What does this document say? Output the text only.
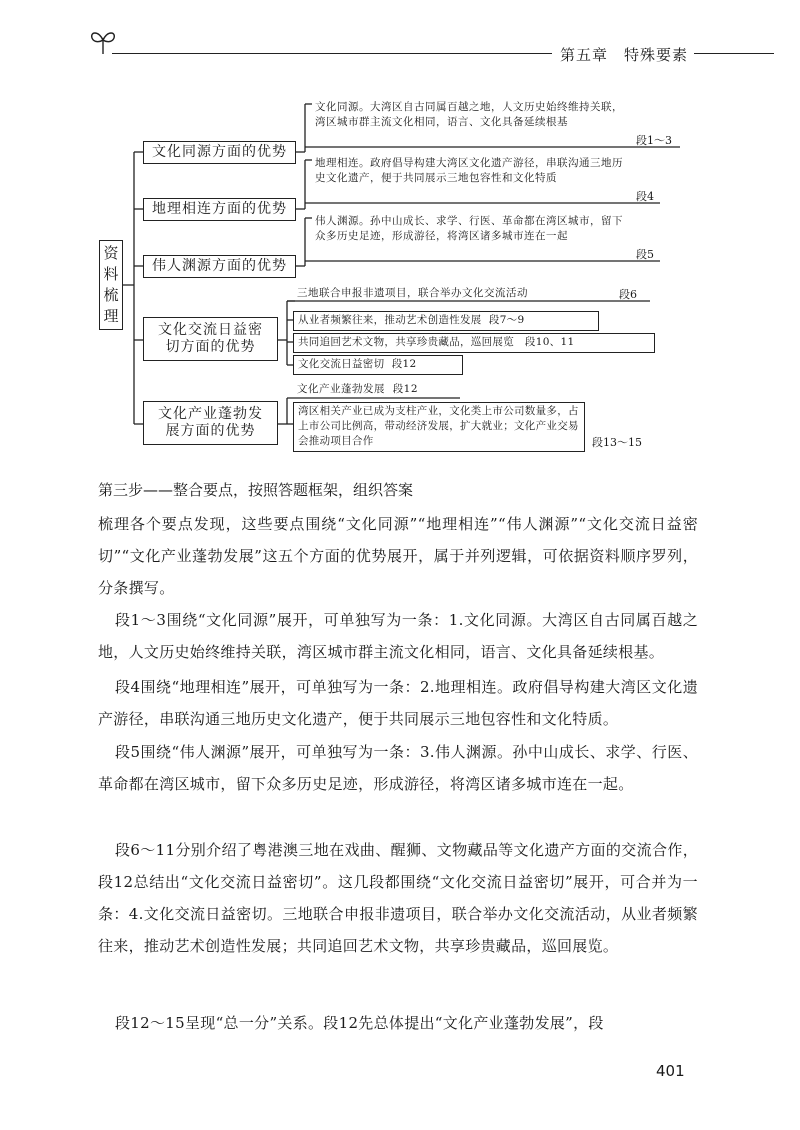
第五章　特殊要素
资料梳理
文化同源方面的优势
地理相连方面的优势
伟人渊源方面的优势
文化交流日益密切方面的优势
文化产业蓬勃发展方面的优势
文化同源。大湾区自古同属百越之地，人文历史始终维持关联，湾区城市群主流文化相同，语言、文化具备延续根基
段1～3
地理相连。政府倡导构建大湾区文化遗产游径，串联沟通三地历史文化遗产，便于共同展示三地包容性和文化特质
段4
伟人渊源。孙中山成长、求学、行医、革命都在湾区城市，留下众多历史足迹，形成游径，将湾区诸多城市连在一起
段5
三地联合申报非遗项目，联合举办文化交流活动	段6
从业者频繁往来，推动艺术创造性发展 段7～9
共同追回艺术文物，共享珍贵藏品，巡回展览 段10、11
文化交流日益密切 段12
文化产业蓬勃发展 段12
湾区相关产业已成为支柱产业，文化类上市公司数量多，占上市公司比例高，带动经济发展，扩大就业；文化产业交易会推动项目合作	段13～15
第三步——整合要点，按照答题框架，组织答案
梳理各个要点发现，这些要点围绕“文化同源”“地理相连”“伟人渊源”“文化交流日益密切”“文化产业蓬勃发展”这五个方面的优势展开，属于并列逻辑，可依据资料顺序罗列，分条撰写。
段1～3围绕“文化同源”展开，可单独写为一条：1.文化同源。大湾区自古同属百越之地，人文历史始终维持关联，湾区城市群主流文化相同，语言、文化具备延续根基。
段4围绕“地理相连”展开，可单独写为一条：2.地理相连。政府倡导构建大湾区文化遗产游径，串联沟通三地历史文化遗产，便于共同展示三地包容性和文化特质。
段5围绕“伟人渊源”展开，可单独写为一条：3.伟人渊源。孙中山成长、求学、行医、革命都在湾区城市，留下众多历史足迹，形成游径，将湾区诸多城市连在一起。
段6～11分别介绍了粤港澳三地在戏曲、醒狮、文物藏品等文化遗产方面的交流合作，段12总结出“文化交流日益密切”。这几段都围绕“文化交流日益密切”展开，可合并为一条：4.文化交流日益密切。三地联合申报非遗项目，联合举办文化交流活动，从业者频繁往来，推动艺术创造性发展；共同追回艺术文物，共享珍贵藏品，巡回展览。
段12～15呈现“总一分”关系。段12先总体提出“文化产业蓬勃发展”，段
401
